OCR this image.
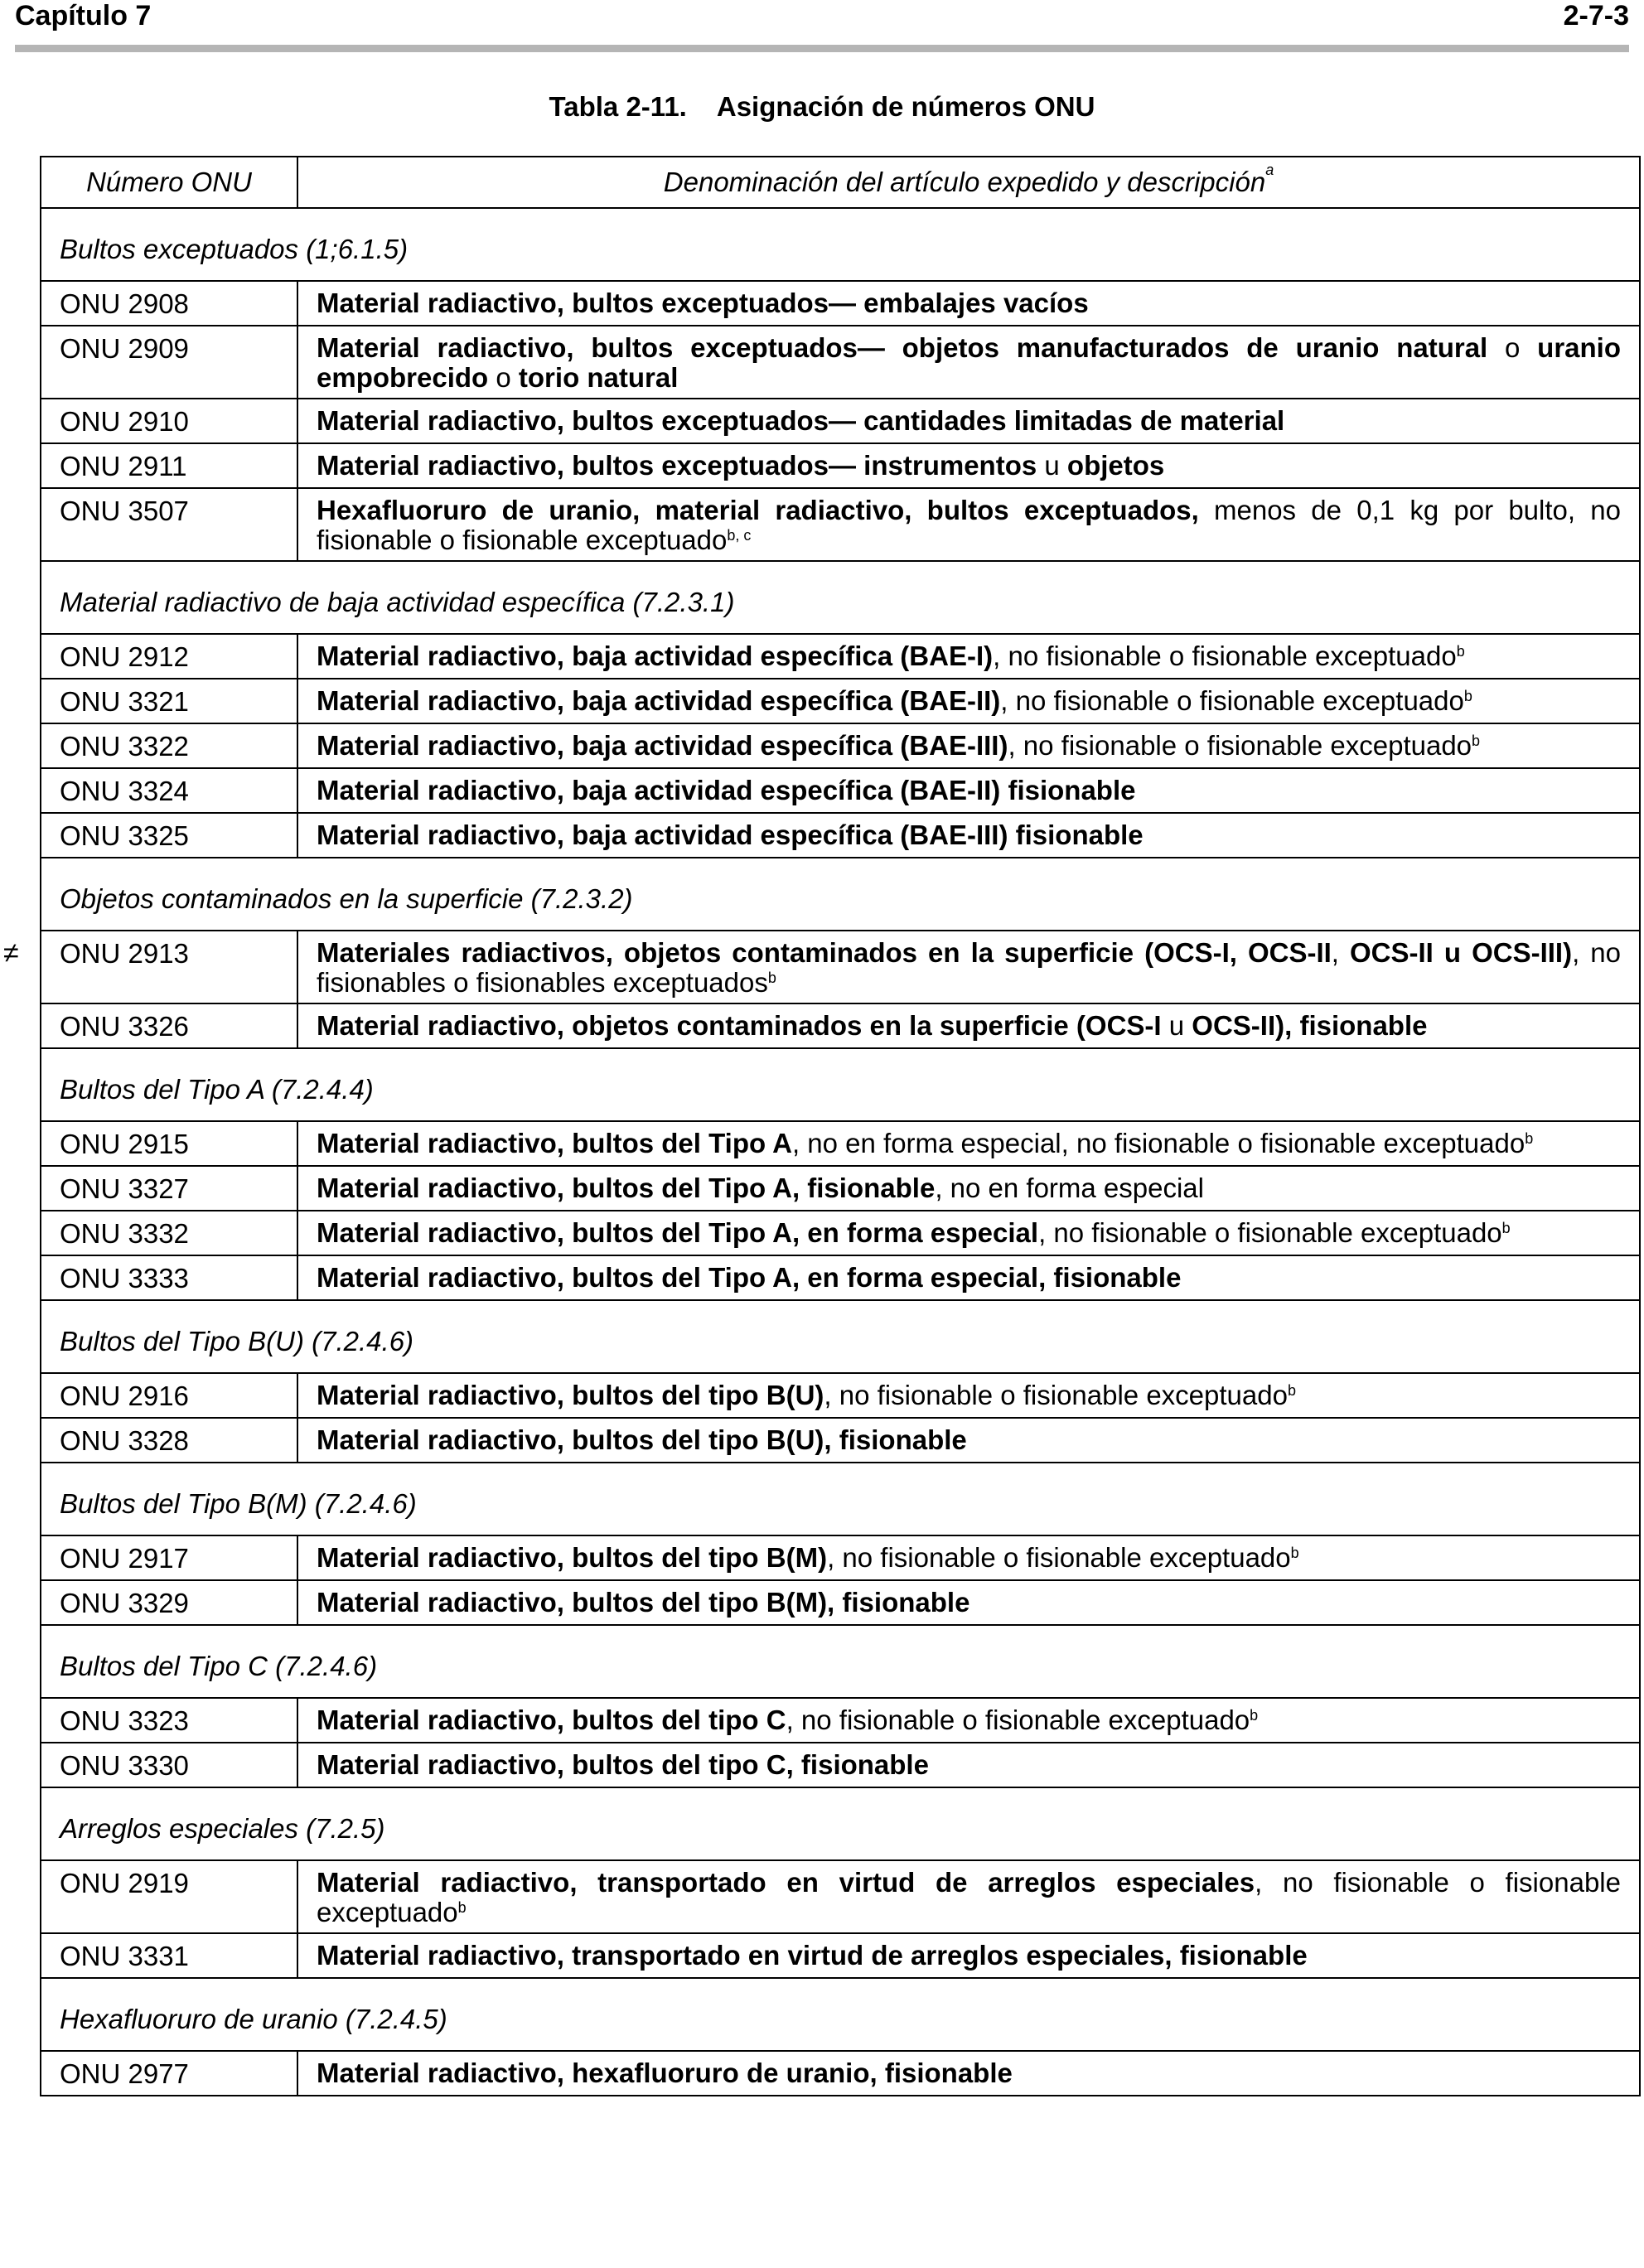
Capítulo 7	2-7-3
Tabla 2-11. Asignación de números ONU
Número ONU	Denominación del artículo expedido y descripción$^a$
Bultos exceptuados (1;6.1.5)	
ONU 2908	Material radiactivo, bultos exceptuados— embalajes vacíos
ONU 2909	Material radiactivo, bultos exceptuados— objetos manufacturados de uranio natural o uranio empobrecido o torio natural
ONU 2910	Material radiactivo, bultos exceptuados— cantidades limitadas de material
ONU 2911	Material radiactivo, bultos exceptuados— instrumentos u objetos
ONU 3507	Hexafluoruro de uranio, material radiactivo, bultos exceptuados, menos de 0,1 kg por bulto, no fisionable o fisionable exceptuado$^{b, c}$
Material radiactivo de baja actividad específica (7.2.3.1)	
ONU 2912	Material radiactivo, baja actividad específica (BAE-I), no fisionable o fisionable exceptuado$^b$
ONU 3321	Material radiactivo, baja actividad específica (BAE-II), no fisionable o fisionable exceptuado$^b$
ONU 3322	Material radiactivo, baja actividad específica (BAE-III), no fisionable o fisionable exceptuado$^b$
ONU 3324	Material radiactivo, baja actividad específica (BAE-II) fisionable
ONU 3325	Material radiactivo, baja actividad específica (BAE-III) fisionable
Objetos contaminados en la superficie (7.2.3.2)	
ONU 2913	Materiales radiactivos, objetos contaminados en la superficie (OCS-I, OCS-II, OCS-II u OCS-III), no fisionables o fisionables exceptuados$^b$
ONU 3326	Material radiactivo, objetos contaminados en la superficie (OCS-I u OCS-II), fisionable
Bultos del Tipo A (7.2.4.4)	
ONU 2915	Material radiactivo, bultos del Tipo A, no en forma especial, no fisionable o fisionable exceptuado$^b$
ONU 3327	Material radiactivo, bultos del Tipo A, fisionable, no en forma especial
ONU 3332	Material radiactivo, bultos del Tipo A, en forma especial, no fisionable o fisionable exceptuado$^b$
ONU 3333	Material radiactivo, bultos del Tipo A, en forma especial, fisionable
Bultos del Tipo B(U) (7.2.4.6)	
ONU 2916	Material radiactivo, bultos del tipo B(U), no fisionable o fisionable exceptuado$^b$
ONU 3328	Material radiactivo, bultos del tipo B(U), fisionable
Bultos del Tipo B(M) (7.2.4.6)	
ONU 2917	Material radiactivo, bultos del tipo B(M), no fisionable o fisionable exceptuado$^b$
ONU 3329	Material radiactivo, bultos del tipo B(M), fisionable
Bultos del Tipo C (7.2.4.6)	
ONU 3323	Material radiactivo, bultos del tipo C, no fisionable o fisionable exceptuado$^b$
ONU 3330	Material radiactivo, bultos del tipo C, fisionable
Arreglos especiales (7.2.5)	
ONU 2919	Material radiactivo, transportado en virtud de arreglos especiales, no fisionable o fisionable exceptuado$^b$
ONU 3331	Material radiactivo, transportado en virtud de arreglos especiales, fisionable
Hexafluoruro de uranio (7.2.4.5)	
ONU 2977	Material radiactivo, hexafluoruro de uranio, fisionable
≠
